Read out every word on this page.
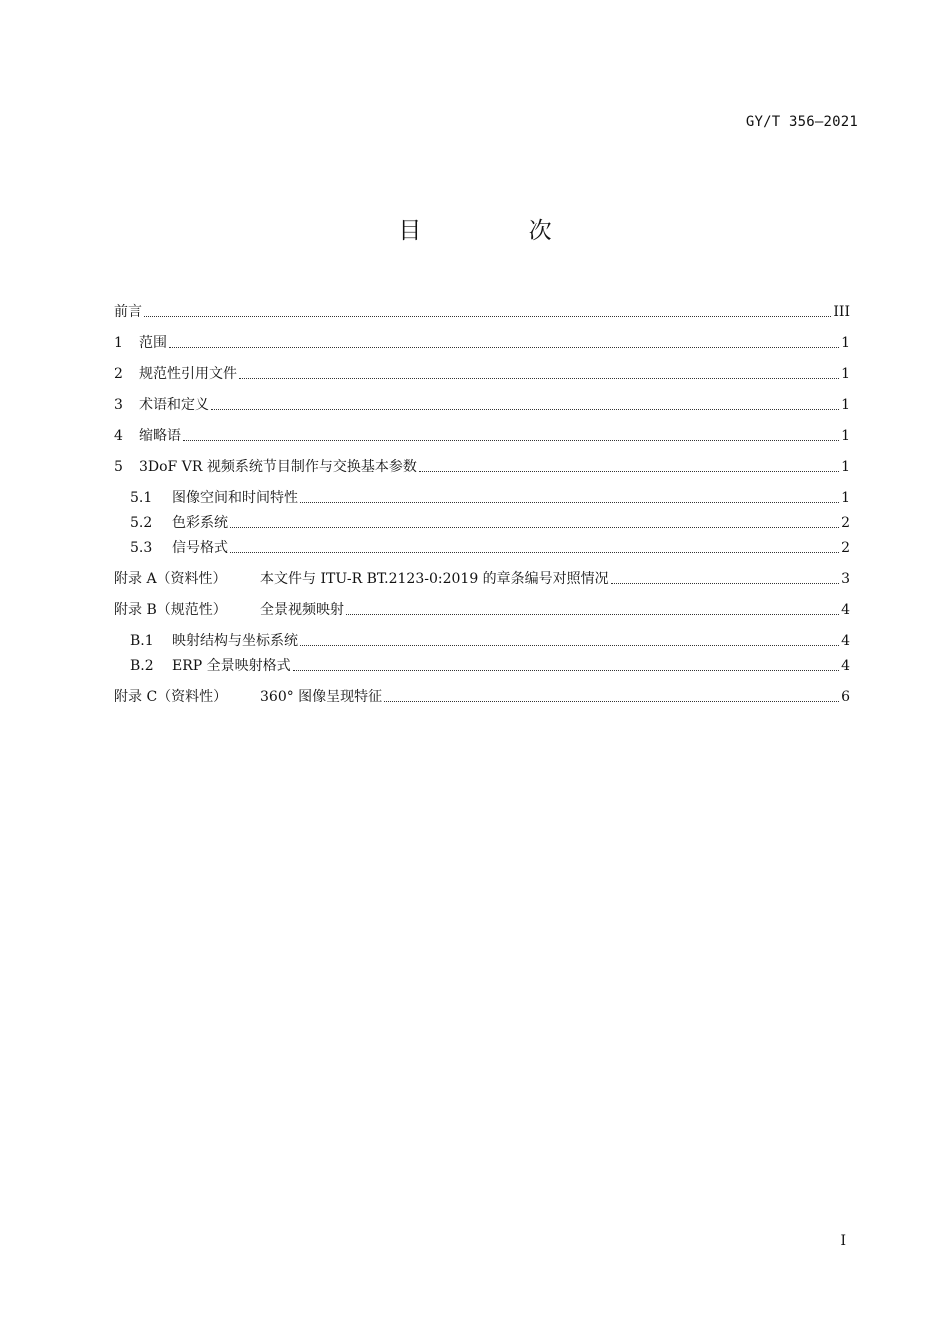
GY/T 356—2021
目 次
前言	III
1 范围	1
2 规范性引用文件	1
3 术语和定义	1
4 缩略语	1
5 3DoF VR 视频系统节目制作与交换基本参数	1
5.1 图像空间和时间特性	1
5.2 色彩系统	2
5.3 信号格式	2
附录 A（资料性） 本文件与 ITU-R BT.2123-0:2019 的章条编号对照情况	3
附录 B（规范性） 全景视频映射	4
B.1 映射结构与坐标系统	4
B.2 ERP 全景映射格式	4
附录 C（资料性） 360° 图像呈现特征	6
I
